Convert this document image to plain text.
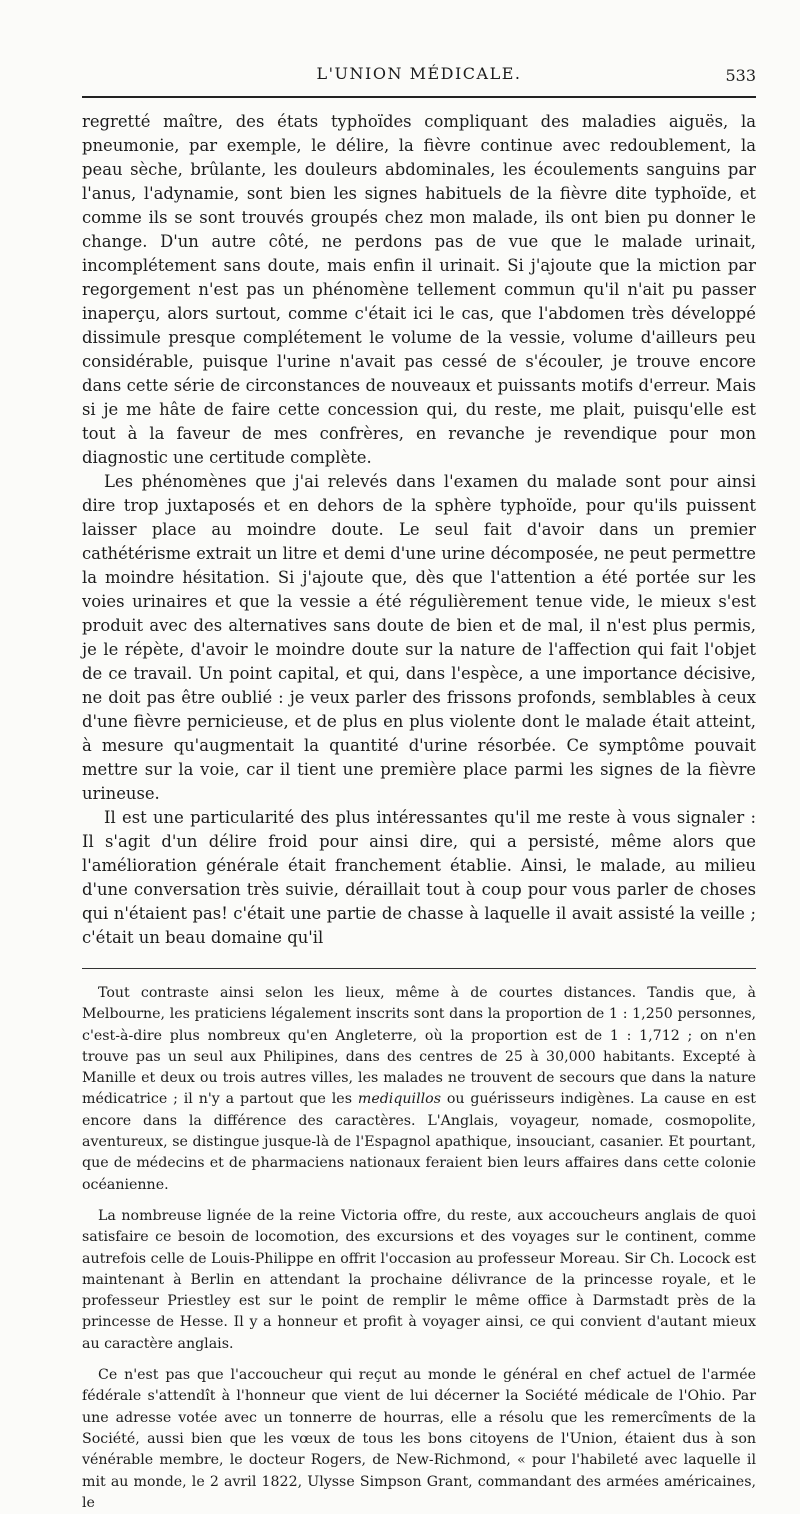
L'UNION MÉDICALE.	533

regretté maître, des états typhoïdes compliquant des maladies aiguës, la pneumonie, par exemple, le délire, la fièvre continue avec redoublement, la peau sèche, brûlante, les douleurs abdominales, les écoulements sanguins par l'anus, l'adynamie, sont bien les signes habituels de la fièvre dite typhoïde, et comme ils se sont trouvés groupés chez mon malade, ils ont bien pu donner le change. D'un autre côté, ne perdons pas de vue que le malade urinait, incomplétement sans doute, mais enfin il urinait. Si j'ajoute que la miction par regorgement n'est pas un phénomène tellement commun qu'il n'ait pu passer inaperçu, alors surtout, comme c'était ici le cas, que l'abdomen très développé dissimule presque complétement le volume de la vessie, volume d'ailleurs peu considérable, puisque l'urine n'avait pas cessé de s'écouler, je trouve encore dans cette série de circonstances de nouveaux et puissants motifs d'erreur. Mais si je me hâte de faire cette concession qui, du reste, me plait, puisqu'elle est tout à la faveur de mes confrères, en revanche je revendique pour mon diagnostic une certitude complète.

Les phénomènes que j'ai relevés dans l'examen du malade sont pour ainsi dire trop juxtaposés et en dehors de la sphère typhoïde, pour qu'ils puissent laisser place au moindre doute. Le seul fait d'avoir dans un premier cathétérisme extrait un litre et demi d'une urine décomposée, ne peut permettre la moindre hésitation. Si j'ajoute que, dès que l'attention a été portée sur les voies urinaires et que la vessie a été régulièrement tenue vide, le mieux s'est produit avec des alternatives sans doute de bien et de mal, il n'est plus permis, je le répète, d'avoir le moindre doute sur la nature de l'affection qui fait l'objet de ce travail. Un point capital, et qui, dans l'espèce, a une importance décisive, ne doit pas être oublié : je veux parler des frissons profonds, semblables à ceux d'une fièvre pernicieuse, et de plus en plus violente dont le malade était atteint, à mesure qu'augmentait la quantité d'urine résorbée. Ce symptôme pouvait mettre sur la voie, car il tient une première place parmi les signes de la fièvre urineuse.

Il est une particularité des plus intéressantes qu'il me reste à vous signaler : Il s'agit d'un délire froid pour ainsi dire, qui a persisté, même alors que l'amélioration générale était franchement établie. Ainsi, le malade, au milieu d'une conversation très suivie, déraillait tout à coup pour vous parler de choses qui n'étaient pas! c'était une partie de chasse à laquelle il avait assisté la veille ; c'était un beau domaine qu'il

Tout contraste ainsi selon les lieux, même à de courtes distances. Tandis que, à Melbourne, les praticiens légalement inscrits sont dans la proportion de 1 : 1,250 personnes, c'est-à-dire plus nombreux qu'en Angleterre, où la proportion est de 1 : 1,712 ; on n'en trouve pas un seul aux Philipines, dans des centres de 25 à 30,000 habitants. Excepté à Manille et deux ou trois autres villes, les malades ne trouvent de secours que dans la nature médicatrice ; il n'y a partout que les mediquillos ou guérisseurs indigènes. La cause en est encore dans la différence des caractères. L'Anglais, voyageur, nomade, cosmopolite, aventureux, se distingue jusque-là de l'Espagnol apathique, insouciant, casanier. Et pourtant, que de médecins et de pharmaciens nationaux feraient bien leurs affaires dans cette colonie océanienne.

La nombreuse lignée de la reine Victoria offre, du reste, aux accoucheurs anglais de quoi satisfaire ce besoin de locomotion, des excursions et des voyages sur le continent, comme autrefois celle de Louis-Philippe en offrit l'occasion au professeur Moreau. Sir Ch. Locock est maintenant à Berlin en attendant la prochaine délivrance de la princesse royale, et le professeur Priestley est sur le point de remplir le même office à Darmstadt près de la princesse de Hesse. Il y a honneur et profit à voyager ainsi, ce qui convient d'autant mieux au caractère anglais.

Ce n'est pas que l'accoucheur qui reçut au monde le général en chef actuel de l'armée fédérale s'attendît à l'honneur que vient de lui décerner la Société médicale de l'Ohio. Par une adresse votée avec un tonnerre de hourras, elle a résolu que les remercîments de la Société, aussi bien que les vœux de tous les bons citoyens de l'Union, étaient dus à son vénérable membre, le docteur Rogers, de New-Richmond, « pour l'habileté avec laquelle il mit au monde, le 2 avril 1822, Ulysse Simpson Grant, commandant des armées américaines, le
